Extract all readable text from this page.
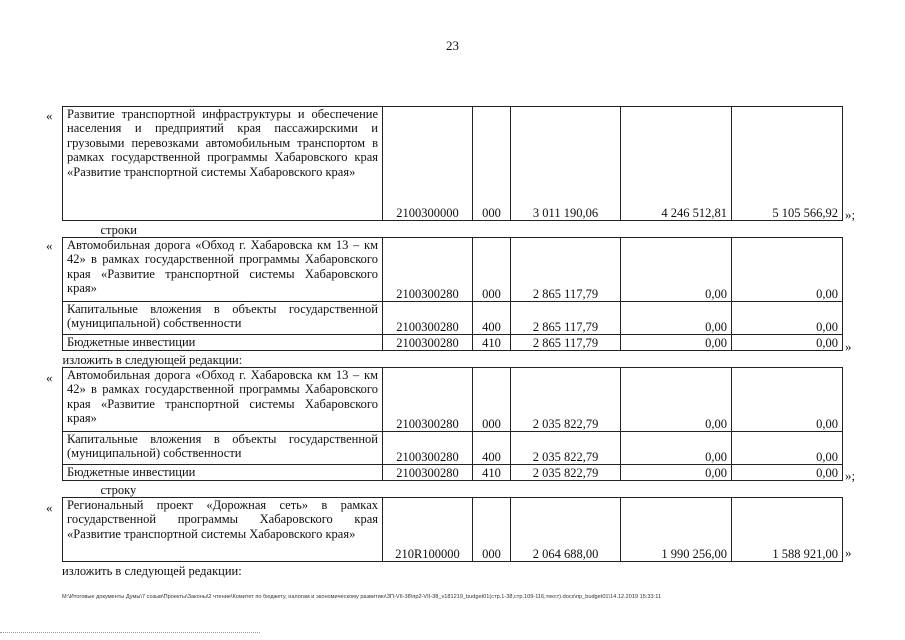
23
Развитие транспортной инфраструктуры и обеспечение населения и предприятий края пассажирскими и грузовыми перевозками автомобильным транспортом в рамках государственной программы Хабаровского края «Развитие транспортной системы Хабаровского края»	2100300000	000	3 011 190,06	4 246 512,81	5 105 566,92
строки					
Автомобильная дорога «Обход г. Хабаровска км 13 – км 42» в рамках государственной программы Хабаровского края «Развитие транспортной системы Хабаровского края»	2100300280	000	2 865 117,79	0,00	0,00
Капитальные вложения в объекты государственной (муниципальной) собственности	2100300280	400	2 865 117,79	0,00	0,00
Бюджетные инвестиции	2100300280	410	2 865 117,79	0,00	0,00
изложить в следующей редакции:					
Автомобильная дорога «Обход г. Хабаровска км 13 – км 42» в рамках государственной программы Хабаровского края «Развитие транспортной системы Хабаровского края»	2100300280	000	2 035 822,79	0,00	0,00
Капитальные вложения в объекты государственной (муниципальной) собственности	2100300280	400	2 035 822,79	0,00	0,00
Бюджетные инвестиции	2100300280	410	2 035 822,79	0,00	0,00
строку					
Региональный проект «Дорожная сеть» в рамках государственной программы Хабаровского края «Развитие транспортной системы Хабаровского края»	210R100000	000	2 064 688,00	1 990 256,00	1 588 921,00
«
«
«
«
»;
»
»;
»
изложить в следующей редакции:
M:\Итоговые документы Думы\7 созыв\Проекты\Законы\2 чтение\Комитет по бюджету, налогам и экономическому развитию\ЗП-VII-38\пр2-VII-38_v181219_budget01(стр.1-38,стр.109-116,текст).docx\пр_budget01\14.12.2019 15:33:11
